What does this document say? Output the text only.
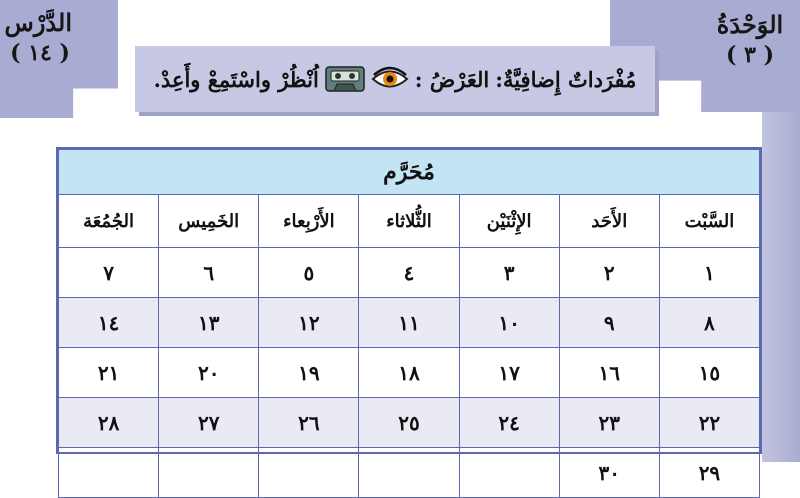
الدَّرْس
( ١٤ )
الوَحْدَةُ
( ٣ )
مُفْرَداتٌ إِضافِيَّةٌ:
العَرْضُ :
اُنْظُرْ واسْتَمِعْ وأَعِدْ.
مُحَرَّم						
السَّبْت	الأَحَد	الإِثْنَيْن	الثُّلاثاء	الأَرْبِعاء	الخَمِيس	الجُمُعَة
١	٢	٣	٤	٥	٦	٧
٨	٩	١٠	١١	١٢	١٣	١٤
١٥	١٦	١٧	١٨	١٩	٢٠	٢١
٢٢	٢٣	٢٤	٢٥	٢٦	٢٧	٢٨
٢٩	٣٠					
